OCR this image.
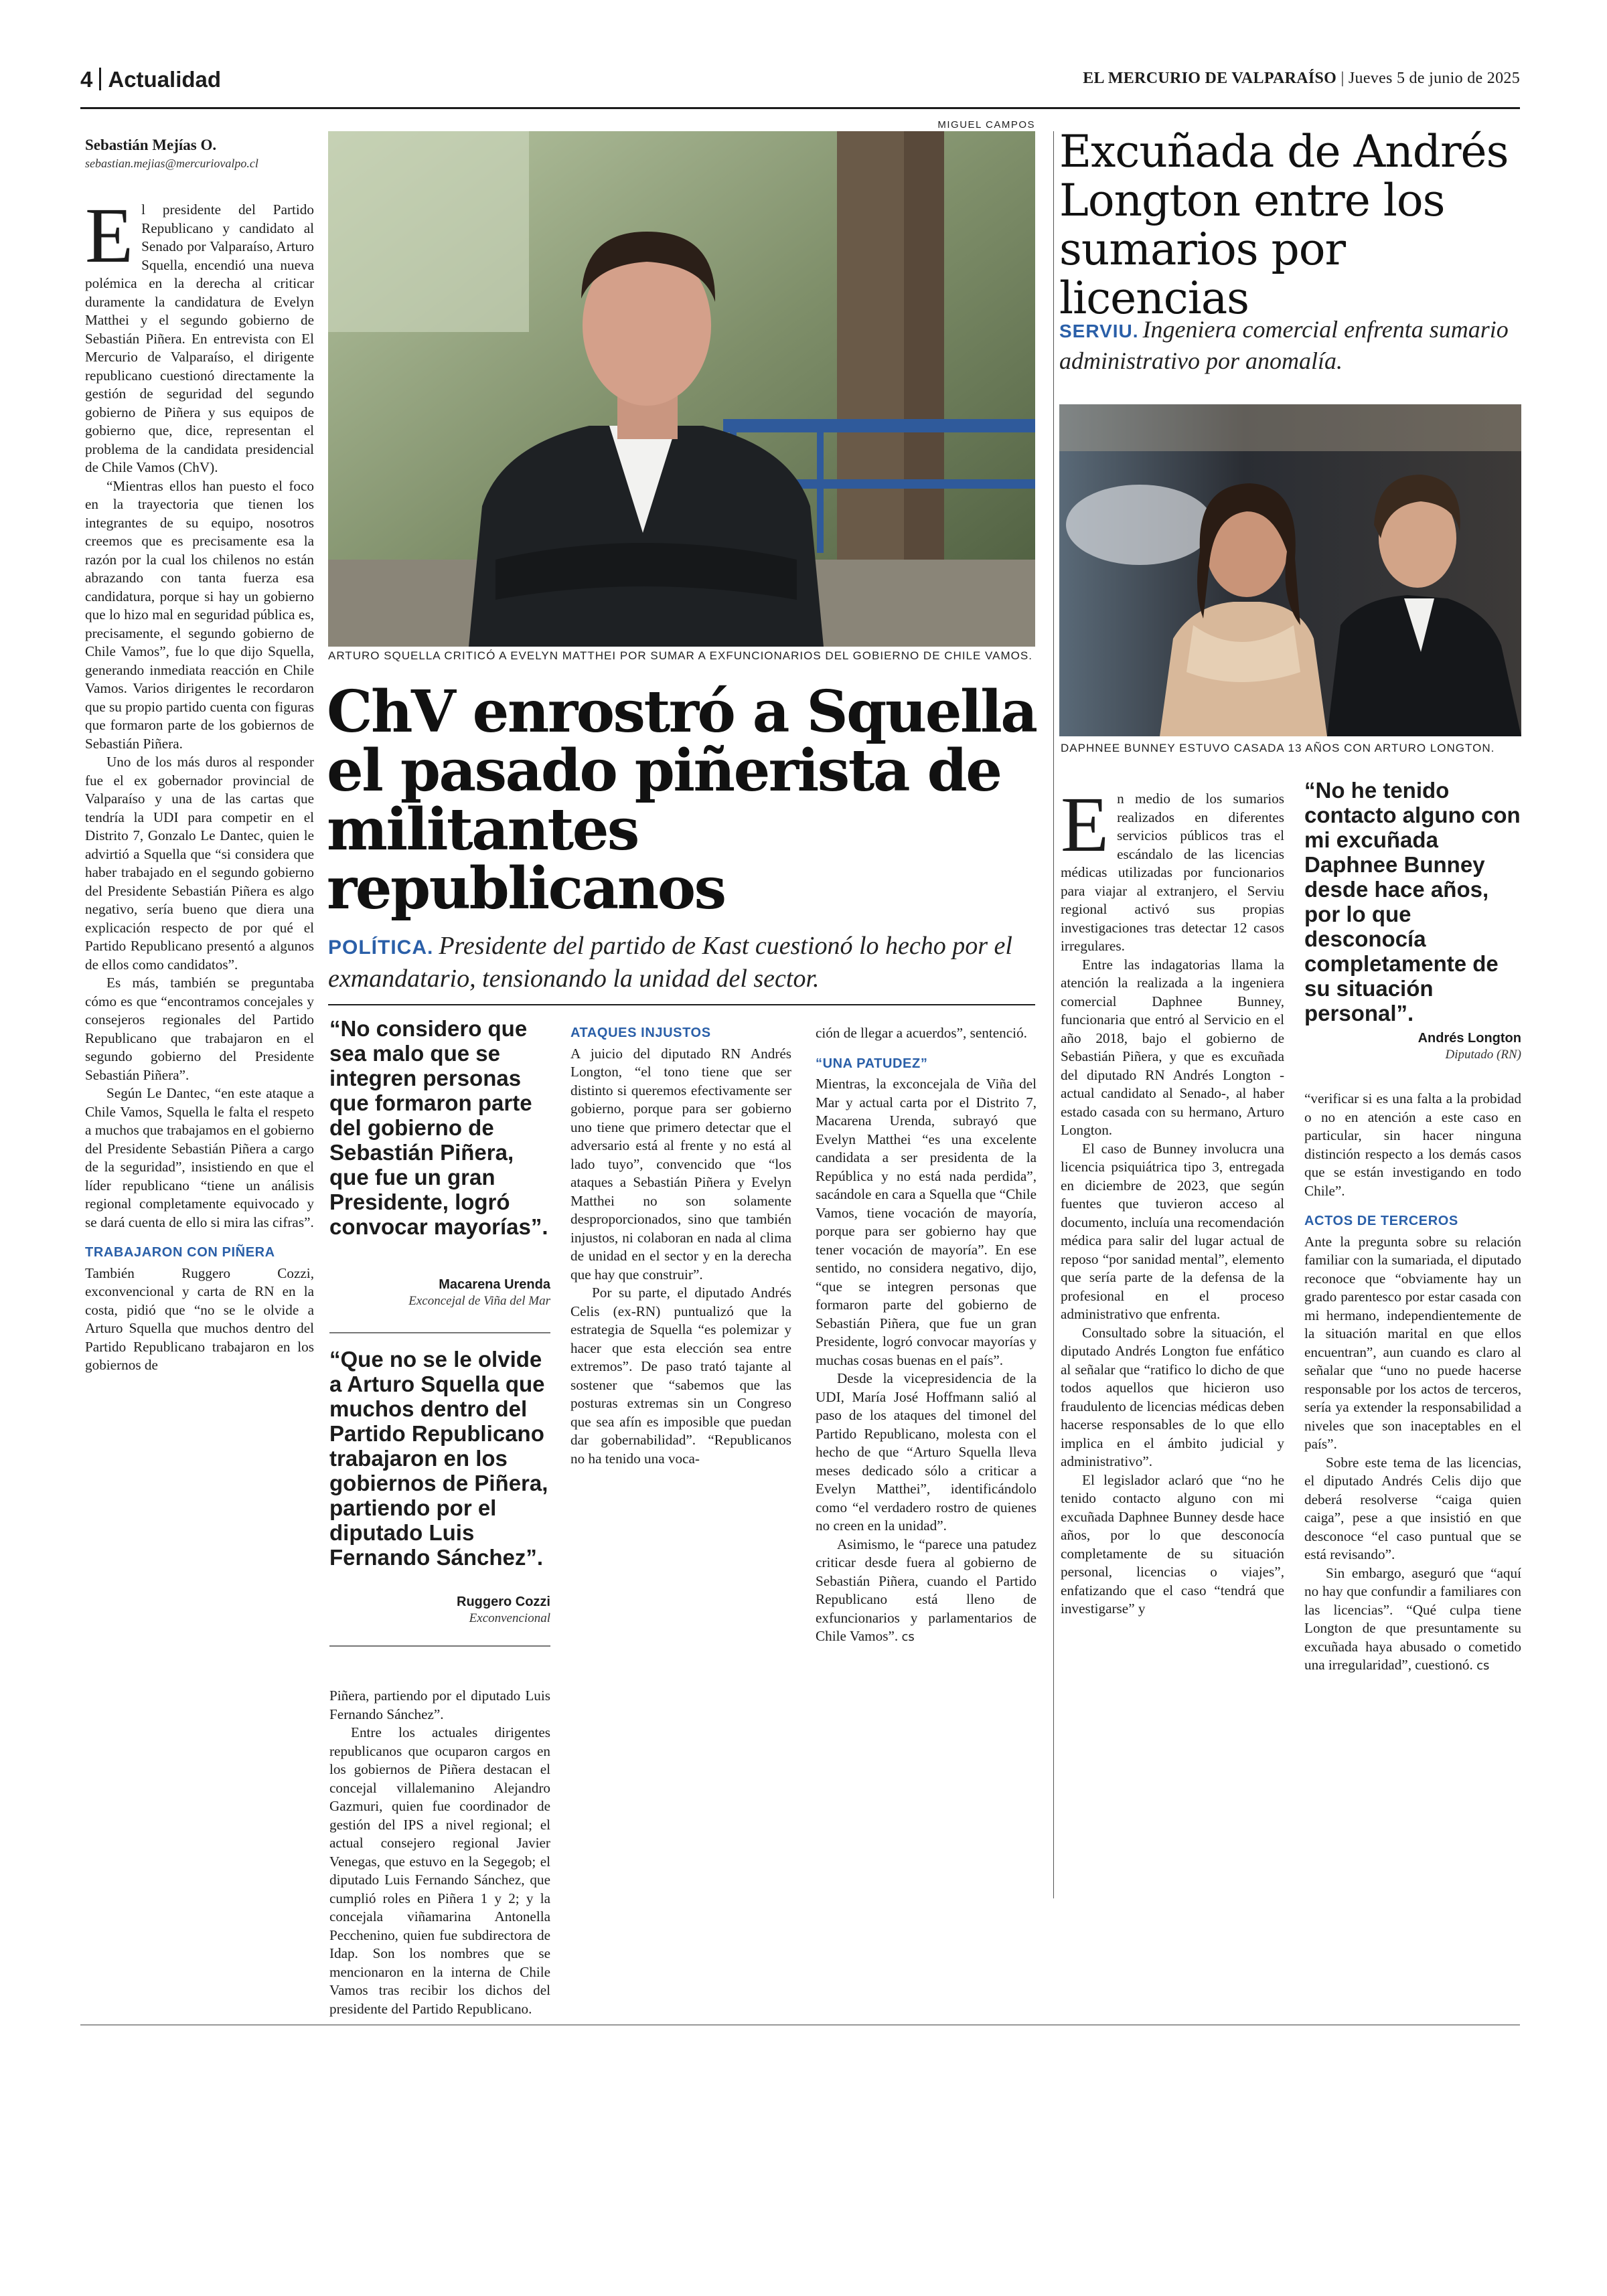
4 Actualidad	EL MERCURIO DE VALPARAÍSO | Jueves 5 de junio de 2025
Sebastián Mejías O.
sebastian.mejias@mercuriovalpo.cl

El presidente del Partido Republicano y candidato al Senado por Valparaíso, Arturo Squella, encendió una nueva polémica en la derecha al criticar duramente la candidatura de Evelyn Matthei y el segundo gobierno de Sebastián Piñera. En entrevista con El Mercurio de Valparaíso, el dirigente republicano cuestionó directamente la gestión de seguridad del segundo gobierno de Piñera y sus equipos de gobierno que, dice, representan el problema de la candidata presidencial de Chile Vamos (ChV).

“Mientras ellos han puesto el foco en la trayectoria que tienen los integrantes de su equipo, nosotros creemos que es precisamente esa la razón por la cual los chilenos no están abrazando con tanta fuerza esa candidatura, porque si hay un gobierno que lo hizo mal en seguridad pública es, precisamente, el segundo gobierno de Chile Vamos”, fue lo que dijo Squella, generando inmediata reacción en Chile Vamos. Varios dirigentes le recordaron que su propio partido cuenta con figuras que formaron parte de los gobiernos de Sebastián Piñera.

Uno de los más duros al responder fue el ex gobernador provincial de Valparaíso y una de las cartas que tendría la UDI para competir en el Distrito 7, Gonzalo Le Dantec, quien le advirtió a Squella que “si considera que haber trabajado en el segundo gobierno del Presidente Sebastián Piñera es algo negativo, sería bueno que diera una explicación respecto de por qué el Partido Republicano presentó a algunos de ellos como candidatos”.

Es más, también se preguntaba cómo es que “encontramos concejales y consejeros regionales del Partido Republicano que trabajaron en el segundo gobierno del Presidente Sebastián Piñera”.

Según Le Dantec, “en este ataque a Chile Vamos, Squella le falta el respeto a muchos que trabajamos en el gobierno del Presidente Sebastián Piñera a cargo de la seguridad”, insistiendo en que el líder republicano “tiene un análisis regional completamente equivocado y se dará cuenta de ello si mira las cifras”.

TRABAJARON CON PIÑERA

También Ruggero Cozzi, exconvencional y carta de RN en la costa, pidió que “no se le olvide a Arturo Squella que muchos dentro del Partido Republicano trabajaron en los gobiernos de

MIGUEL CAMPOS
ARTURO SQUELLA CRITICÓ A EVELYN MATTHEI POR SUMAR A EXFUNCIONARIOS DEL GOBIERNO DE CHILE VAMOS.
ChV enrostró a Squella el pasado piñerista de militantes republicanos
POLÍTICA. Presidente del partido de Kast cuestionó lo hecho por el exmandatario, tensionando la unidad del sector.
“No considero que sea malo que se integren personas que formaron parte del gobierno de Sebastián Piñera, que fue un gran Presidente, logró convocar mayorías”.
Macarena Urenda
Exconcejal de Viña del Mar
“Que no se le olvide a Arturo Squella que muchos dentro del Partido Republicano trabajaron en los gobiernos de Piñera, partiendo por el diputado Luis Fernando Sánchez”.
Ruggero Cozzi
Exconvencional

Piñera, partiendo por el diputado Luis Fernando Sánchez”.

Entre los actuales dirigentes republicanos que ocuparon cargos en los gobiernos de Piñera destacan el concejal villalemanino Alejandro Gazmuri, quien fue coordinador de gestión del IPS a nivel regional; el actual consejero regional Javier Venegas, que estuvo en la Segegob; el diputado Luis Fernando Sánchez, que cumplió roles en Piñera 1 y 2; y la concejala viñamarina Antonella Pecchenino, quien fue subdirectora de Idap. Son los nombres que se mencionaron en la interna de Chile Vamos tras recibir los dichos del presidente del Partido Republicano.

ATAQUES INJUSTOS

A juicio del diputado RN Andrés Longton, “el tono tiene que ser distinto si queremos efectivamente ser gobierno, porque para ser gobierno uno tiene que primero detectar que el adversario está al frente y no está al lado tuyo”, convencido que “los ataques a Sebastián Piñera y Evelyn Matthei no son solamente desproporcionados, sino que también injustos, ni colaboran en nada al clima de unidad en el sector y en la derecha que hay que construir”.

Por su parte, el diputado Andrés Celis (ex-RN) puntualizó que la estrategia de Squella “es polemizar y hacer que esta elección sea entre extremos”. De paso trató tajante al sostener que “sabemos que las posturas extremas sin un Congreso que sea afín es imposible que puedan dar gobernabilidad”. “Republicanos no ha tenido una voca-

ción de llegar a acuerdos”, sentenció.

“UNA PATUDEZ”

Mientras, la exconcejala de Viña del Mar y actual carta por el Distrito 7, Macarena Urenda, subrayó que Evelyn Matthei “es una excelente candidata a ser presidenta de la República y no está nada perdida”, sacándole en cara a Squella que “Chile Vamos, tiene vocación de mayoría, porque para ser gobierno hay que tener vocación de mayoría”. En ese sentido, no considera negativo, dijo, “que se integren personas que formaron parte del gobierno de Sebastián Piñera, que fue un gran Presidente, logró convocar mayorías y muchas cosas buenas en el país”.

Desde la vicepresidencia de la UDI, María José Hoffmann salió al paso de los ataques del timonel del Partido Republicano, molesta con el hecho de que “Arturo Squella lleva meses dedicado sólo a criticar a Evelyn Matthei”, identificándolo como “el verdadero rostro de quienes no creen en la unidad”.

Asimismo, le “parece una patudez criticar desde fuera al gobierno de Sebastián Piñera, cuando el Partido Republicano está lleno de exfuncionarios y parlamentarios de Chile Vamos”. cs

Excuñada de Andrés Longton entre los sumarios por licencias
SERVIU. Ingeniera comercial enfrenta sumario administrativo por anomalía.
DAPHNEE BUNNEY ESTUVO CASADA 13 AÑOS CON ARTURO LONGTON.

En medio de los sumarios realizados en diferentes servicios públicos tras el escándalo de las licencias médicas utilizadas por funcionarios para viajar al extranjero, el Serviu regional activó sus propias investigaciones tras detectar 12 casos irregulares.

Entre las indagatorias llama la atención la realizada a la ingeniera comercial Daphnee Bunney, funcionaria que entró al Servicio en el año 2018, bajo el gobierno de Sebastián Piñera, y que es excuñada del diputado RN Andrés Longton -actual candidato al Senado-, al haber estado casada con su hermano, Arturo Longton.

El caso de Bunney involucra una licencia psiquiátrica tipo 3, entregada en diciembre de 2023, que según fuentes que tuvieron acceso al documento, incluía una recomendación médica para salir del lugar actual de reposo “por sanidad mental”, elemento que sería parte de la defensa de la profesional en el proceso administrativo que enfrenta.

Consultado sobre la situación, el diputado Andrés Longton fue enfático al señalar que “ratifico lo dicho de que todos aquellos que hicieron uso fraudulento de licencias médicas deben hacerse responsables de lo que ello implica en el ámbito judicial y administrativo”.

El legislador aclaró que “no he tenido contacto alguno con mi excuñada Daphnee Bunney desde hace años, por lo que desconocía completamente de su situación personal, licencias o viajes”, enfatizando que el caso “tendrá que investigarse” y

“No he tenido contacto alguno con mi excuñada Daphnee Bunney desde hace años, por lo que desconocía completamente de su situación personal”.
Andrés Longton
Diputado (RN)

“verificar si es una falta a la probidad o no en atención a este caso en particular, sin hacer ninguna distinción respecto a los demás casos que se están investigando en todo Chile”.

ACTOS DE TERCEROS

Ante la pregunta sobre su relación familiar con la sumariada, el diputado reconoce que “obviamente hay un grado parentesco por estar casada con mi hermano, independientemente de la situación marital en que ellos encuentran”, aun cuando es claro al señalar que “uno no puede hacerse responsable por los actos de terceros, sería ya extender la responsabilidad a niveles que son inaceptables en el país”.

Sobre este tema de las licencias, el diputado Andrés Celis dijo que deberá resolverse “caiga quien caiga”, pese a que insistió en que desconoce “el caso puntual que se está revisando”.

Sin embargo, aseguró que “aquí no hay que confundir a familiares con las licencias”. “Qué culpa tiene Longton de que presuntamente su excuñada haya abusado o cometido una irregularidad”, cuestionó. cs
